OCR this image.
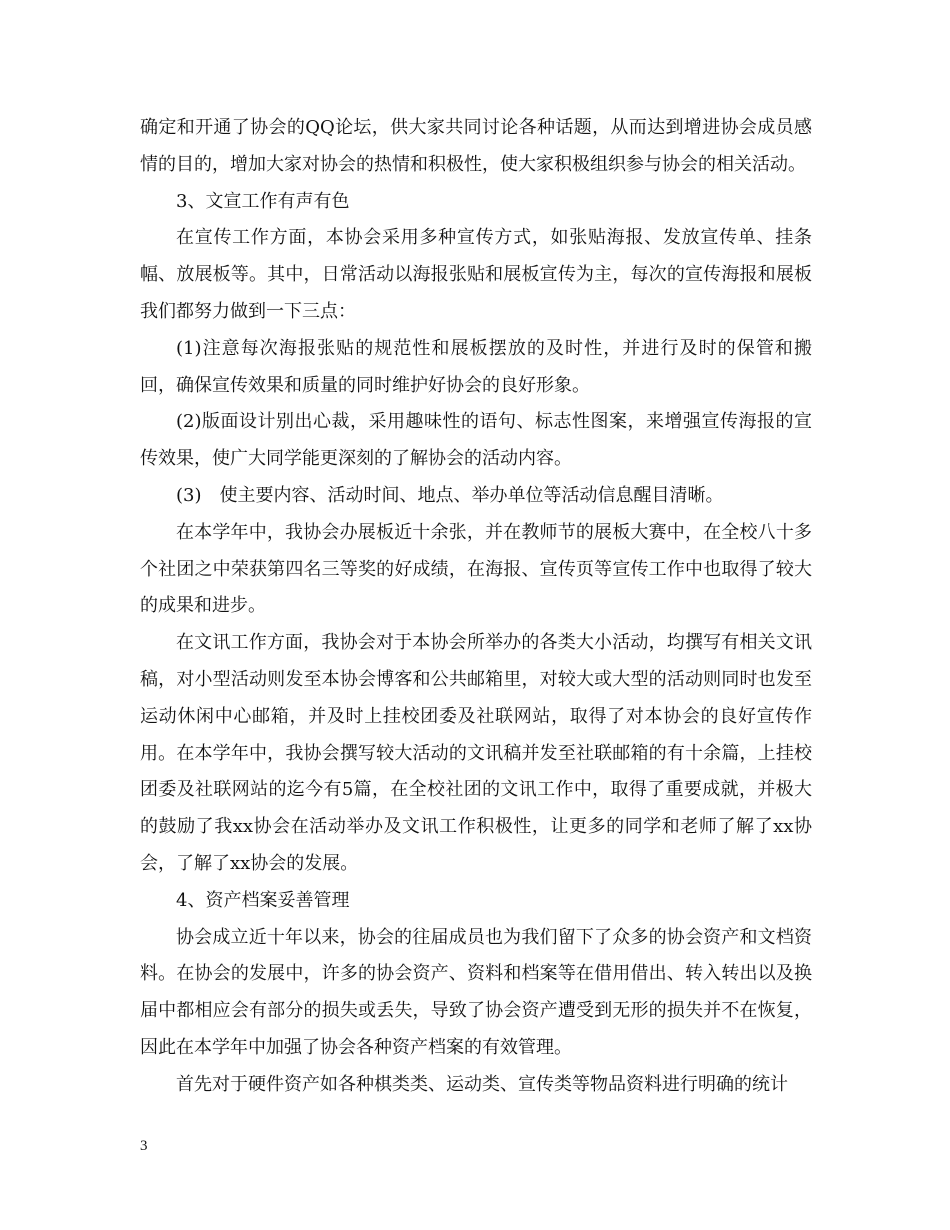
确定和开通了协会的QQ论坛，供大家共同讨论各种话题，从而达到增进协会成员感情的目的，增加大家对协会的热情和积极性，使大家积极组织参与协会的相关活动。

3、文宣工作有声有色

在宣传工作方面，本协会采用多种宣传方式，如张贴海报、发放宣传单、挂条幅、放展板等。其中，日常活动以海报张贴和展板宣传为主，每次的宣传海报和展板我们都努力做到一下三点：

(1)注意每次海报张贴的规范性和展板摆放的及时性，并进行及时的保管和搬回，确保宣传效果和质量的同时维护好协会的良好形象。

(2)版面设计别出心裁，采用趣味性的语句、标志性图案，来增强宣传海报的宣传效果，使广大同学能更深刻的了解协会的活动内容。

(3)　使主要内容、活动时间、地点、举办单位等活动信息醒目清晰。

在本学年中，我协会办展板近十余张，并在教师节的展板大赛中，在全校八十多个社团之中荣获第四名三等奖的好成绩，在海报、宣传页等宣传工作中也取得了较大的成果和进步。

在文讯工作方面，我协会对于本协会所举办的各类大小活动，均撰写有相关文讯稿，对小型活动则发至本协会博客和公共邮箱里，对较大或大型的活动则同时也发至运动休闲中心邮箱，并及时上挂校团委及社联网站，取得了对本协会的良好宣传作用。在本学年中，我协会撰写较大活动的文讯稿并发至社联邮箱的有十余篇，上挂校团委及社联网站的迄今有5篇，在全校社团的文讯工作中，取得了重要成就，并极大的鼓励了我xx协会在活动举办及文讯工作积极性，让更多的同学和老师了解了xx协会，了解了xx协会的发展。

4、资产档案妥善管理

协会成立近十年以来，协会的往届成员也为我们留下了众多的协会资产和文档资料。在协会的发展中，许多的协会资产、资料和档案等在借用借出、转入转出以及换届中都相应会有部分的损失或丢失，导致了协会资产遭受到无形的损失并不在恢复，因此在本学年中加强了协会各种资产档案的有效管理。

首先对于硬件资产如各种棋类类、运动类、宣传类等物品资料进行明确的统计

3
